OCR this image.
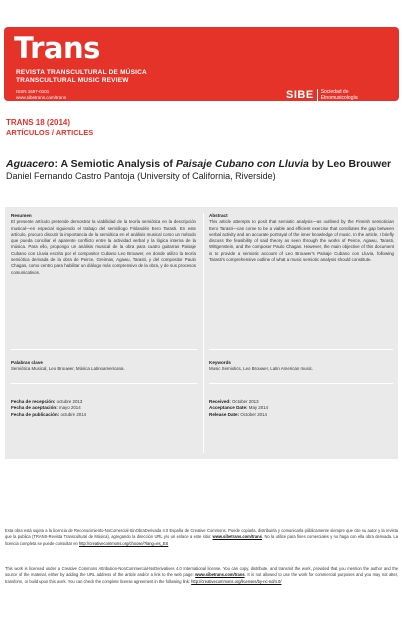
Trans
REVISTA TRANSCULTURAL DE MÚSICA
TRANSCULTURAL MUSIC REVIEW
ISSN 1697-0101
www.sibetrans.com/trans	SIBE Sociedad de
Etnomusicología
TRANS 18 (2014)
ARTÍCULOS / ARTICLES
Aguacero: A Semiotic Analysis of Paisaje Cubano con Lluvia by Leo Brouwer
Daniel Fernando Castro Pantoja (University of California, Riverside)
Resumen
El presente artículo pretende demostrar la viabilidad de la teoría semiótica en la descripción musical—en especial siguiendo el trabajo del semiólogo Finlandés Eero Tarasti. En este artículo, procuro discutir la importancia de la semiótica en el análisis musical como un método que pueda conciliar el aparente conflicto entre la actividad verbal y la lógica interna de la música. Para ello, propongo un análisis musical de la obra para cuatro guitarras Paisaje Cubano con Lluvia escrita por el compositor Cubano Leo Brouwer, en donde utilizo la teoría semiótica derivada de la obra de Peirce, Greimas, Agawu, Tarasti, y del compositor Paulo Chagas, como centro para habilitar un diálogo más comprensivo de la obra, y de sus procesos comunicativos.
Abstract
This article attempts to posit that semiotic analysis—as outlined by the Finnish semiotician Eero Tarasti—can come to be a viable and efficient exercise that conciliates the gap between verbal activity and an accurate portrayal of the inner knowledge of music. In the article, I briefly discuss the feasibility of said theory as seen through the works of Peirce, Agawu, Tarasti, Wittgenstein, and the composer Paulo Chagas. However, the main objective of this document is to provide a semiotic account of Leo Brouwer's Paisaje Cubano con Lluvia, following Tarasti's comprehensive outline of what a music semiotic analysis should constitute.
Palabras clave
Semiótica Musical, Leo Brouwer, Música Latinoamericana.
Keywords
Music Semiotics, Leo Brouwer, Latin American music.
Fecha de recepción: octubre 2013
Fecha de aceptación: mayo 2014
Fecha de publicación: octubre 2014
Received: October 2013
Acceptance Date: May 2014
Release Date: October 2014
Esta obra está sujeta a la licencia de Reconocimiento-NoComercial-SinObraDerivada 4.0 España de Creative Commons. Puede copiarla, distribuirla y comunicarla públicamente siempre que cite su autor y la revista que la publica (TRANS-Revista Transcultural de Música), agregando la dirección URL y/o un enlace a este sitio: www.sibetrans.com/trans. No la utilice para fines comerciales y no haga con ella obra derivada. La licencia completa se puede consultar en http://creativecommons.org/choose/?lang=es_ES
This work is licensed under a Creative Commons Attribution-NonCommercial-NoDerivatives 4.0 International license. You can copy, distribute, and transmit the work, provided that you mention the author and the source of the material, either by adding the URL address of the article and/or a link to the web page: www.sibetrans.com/trans. It is not allowed to use the work for commercial purposes and you may not alter, transform, or build upon this work. You can check the complete license agreement in the following link: http://creativecommons.org/licenses/by-nc-nd/4.0/
